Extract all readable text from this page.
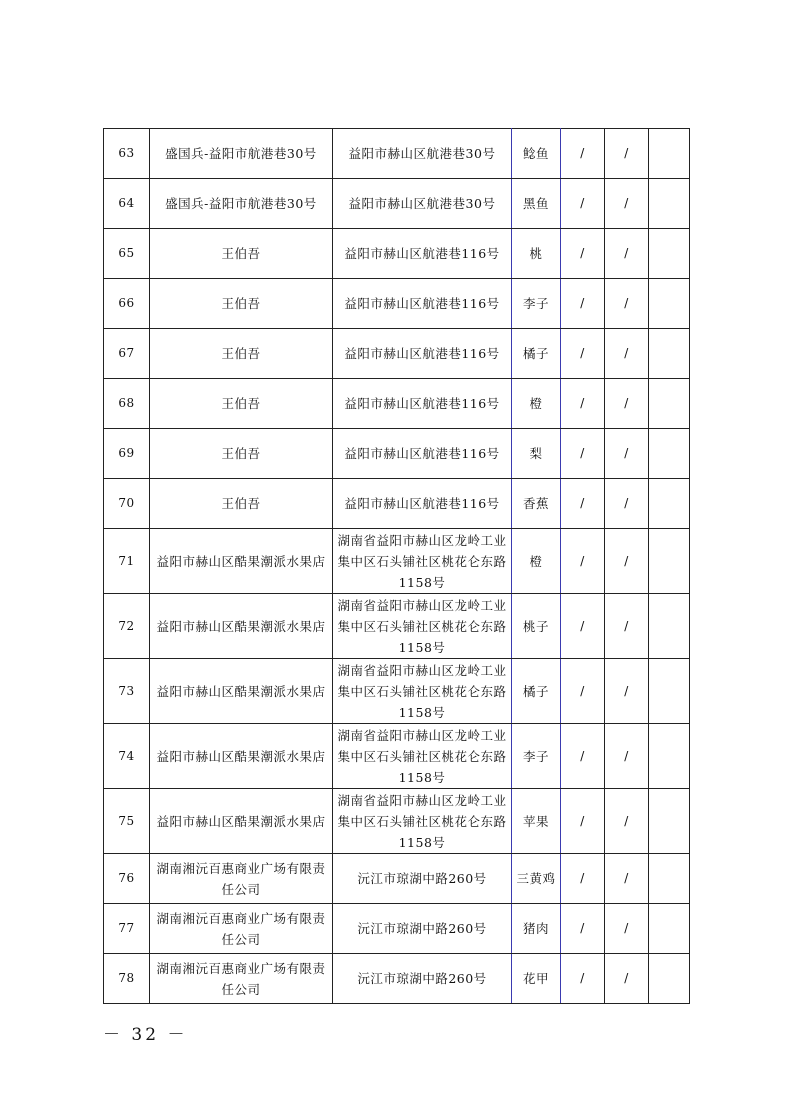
63	盛国兵-益阳市航港巷30号	益阳市赫山区航港巷30号	鲶鱼	/	/	
64	盛国兵-益阳市航港巷30号	益阳市赫山区航港巷30号	黑鱼	/	/	
65	王伯吾	益阳市赫山区航港巷116号	桃	/	/	
66	王伯吾	益阳市赫山区航港巷116号	李子	/	/	
67	王伯吾	益阳市赫山区航港巷116号	橘子	/	/	
68	王伯吾	益阳市赫山区航港巷116号	橙	/	/	
69	王伯吾	益阳市赫山区航港巷116号	梨	/	/	
70	王伯吾	益阳市赫山区航港巷116号	香蕉	/	/	
71	益阳市赫山区酷果潮派水果店	湖南省益阳市赫山区龙岭工业集中区石头铺社区桃花仑东路1158号	橙	/	/	
72	益阳市赫山区酷果潮派水果店	湖南省益阳市赫山区龙岭工业集中区石头铺社区桃花仑东路1158号	桃子	/	/	
73	益阳市赫山区酷果潮派水果店	湖南省益阳市赫山区龙岭工业集中区石头铺社区桃花仑东路1158号	橘子	/	/	
74	益阳市赫山区酷果潮派水果店	湖南省益阳市赫山区龙岭工业集中区石头铺社区桃花仑东路1158号	李子	/	/	
75	益阳市赫山区酷果潮派水果店	湖南省益阳市赫山区龙岭工业集中区石头铺社区桃花仑东路1158号	苹果	/	/	
76	湖南湘沅百惠商业广场有限责任公司	沅江市琼湖中路260号	三黄鸡	/	/	
77	湖南湘沅百惠商业广场有限责任公司	沅江市琼湖中路260号	猪肉	/	/	
78	湖南湘沅百惠商业广场有限责任公司	沅江市琼湖中路260号	花甲	/	/	
－ 32 －
